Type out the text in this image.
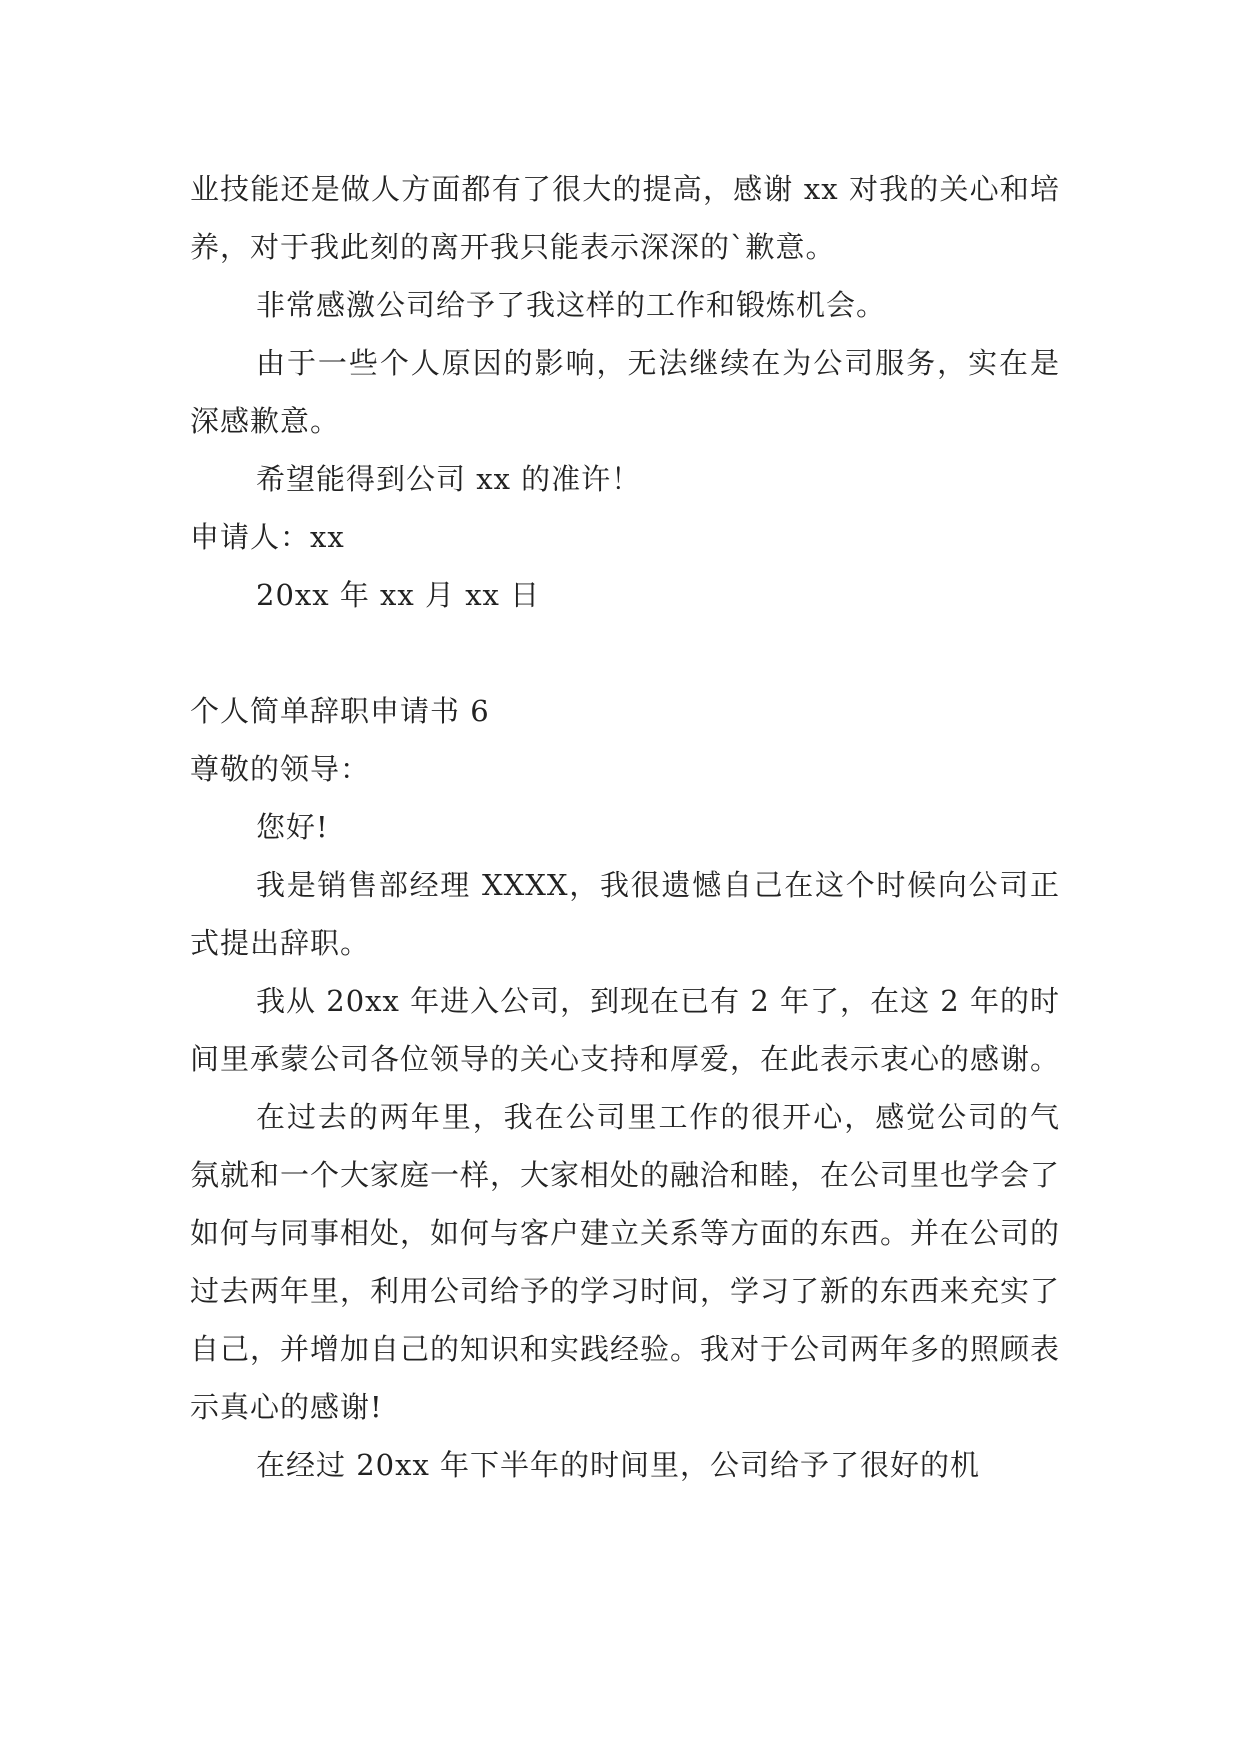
业技能还是做人方面都有了很大的提高，感谢 xx 对我的关心和培养，对于我此刻的离开我只能表示深深的`歉意。

非常感激公司给予了我这样的工作和锻炼机会。

由于一些个人原因的影响，无法继续在为公司服务，实在是深感歉意。

希望能得到公司 xx 的准许！

申请人：xx

20xx 年 xx 月 xx 日

个人简单辞职申请书 6

尊敬的领导：

您好!

我是销售部经理 XXXX，我很遗憾自己在这个时候向公司正式提出辞职。

我从 20xx 年进入公司，到现在已有 2 年了，在这 2 年的时间里承蒙公司各位领导的关心支持和厚爱，在此表示衷心的感谢。

在过去的两年里，我在公司里工作的很开心，感觉公司的气氛就和一个大家庭一样，大家相处的融洽和睦，在公司里也学会了如何与同事相处，如何与客户建立关系等方面的东西。并在公司的过去两年里，利用公司给予的学习时间，学习了新的东西来充实了自己，并增加自己的知识和实践经验。我对于公司两年多的照顾表示真心的感谢!

在经过 20xx 年下半年的时间里，公司给予了很好的机
